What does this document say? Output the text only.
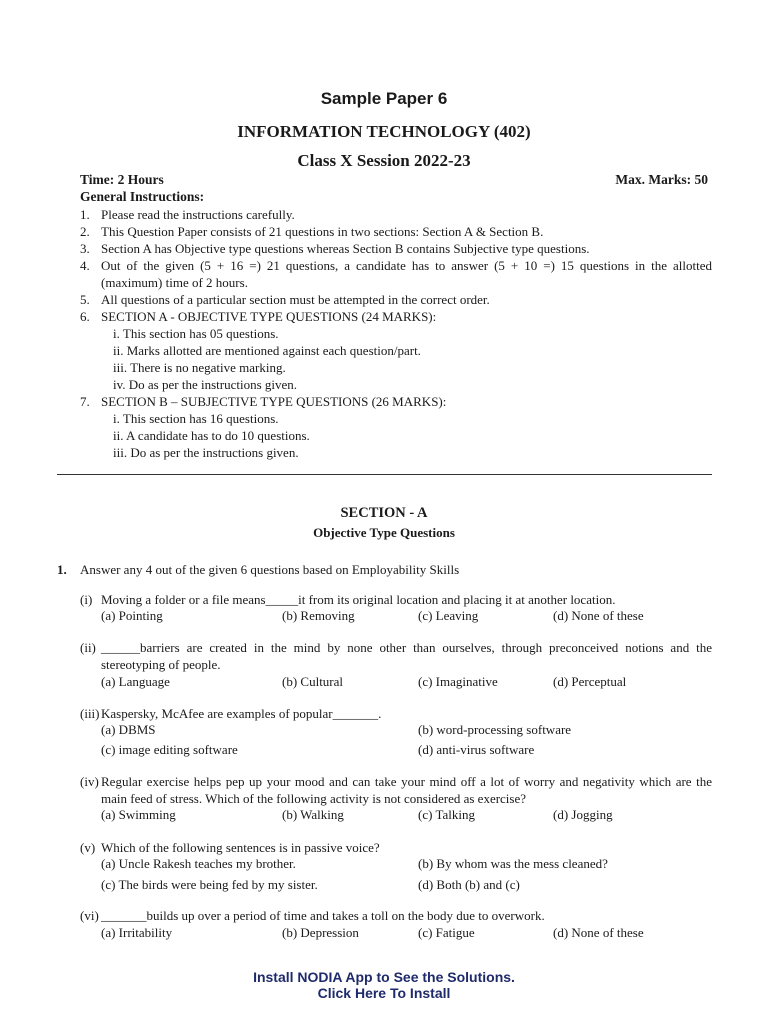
Sample Paper 6
INFORMATION TECHNOLOGY (402)
Class X Session 2022-23
Time: 2 Hours	Max. Marks: 50
General Instructions:
1. Please read the instructions carefully.
2. This Question Paper consists of 21 questions in two sections: Section A & Section B.
3. Section A has Objective type questions whereas Section B contains Subjective type questions.
4. Out of the given (5 + 16 =) 21 questions, a candidate has to answer (5 + 10 =) 15 questions in the allotted (maximum) time of 2 hours.
5. All questions of a particular section must be attempted in the correct order.
6. SECTION A - OBJECTIVE TYPE QUESTIONS (24 MARKS):
i. This section has 05 questions.
ii. Marks allotted are mentioned against each question/part.
iii. There is no negative marking.
iv. Do as per the instructions given.
7. SECTION B – SUBJECTIVE TYPE QUESTIONS (26 MARKS):
i. This section has 16 questions.
ii. A candidate has to do 10 questions.
iii. Do as per the instructions given.
SECTION - A
Objective Type Questions
1. Answer any 4 out of the given 6 questions based on Employability Skills
(i) Moving a folder or a file means_____it from its original location and placing it at another location.
(a) Pointing	(b) Removing	(c) Leaving	(d) None of these
(ii) ______barriers are created in the mind by none other than ourselves, through preconceived notions and the stereotyping of people.
(a) Language	(b) Cultural	(c) Imaginative	(d) Perceptual
(iii) Kaspersky, McAfee are examples of popular_______.
(a) DBMS	(b) word-processing software
(c) image editing software	(d) anti-virus software
(iv) Regular exercise helps pep up your mood and can take your mind off a lot of worry and negativity which are the main feed of stress. Which of the following activity is not considered as exercise?
(a) Swimming	(b) Walking	(c) Talking	(d) Jogging
(v) Which of the following sentences is in passive voice?
(a) Uncle Rakesh teaches my brother.	(b) By whom was the mess cleaned?
(c) The birds were being fed by my sister.	(d) Both (b) and (c)
(vi) _______builds up over a period of time and takes a toll on the body due to overwork.
(a) Irritability	(b) Depression	(c) Fatigue	(d) None of these
Install NODIA App to See the Solutions.
Click Here To Install
